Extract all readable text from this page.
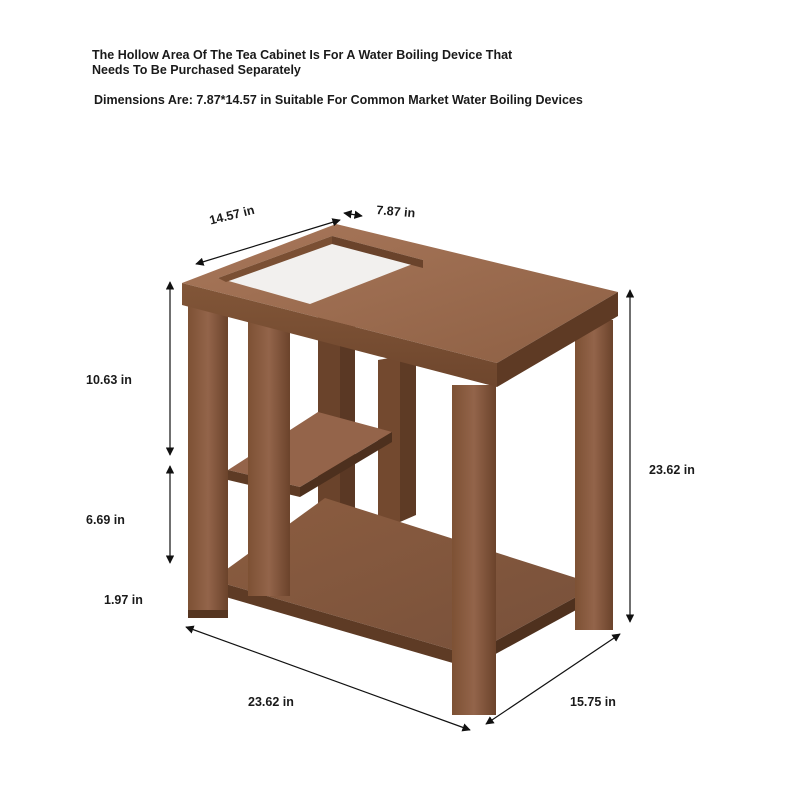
The Hollow Area Of The Tea Cabinet Is For A Water Boiling Device That Needs To Be Purchased Separately
Dimensions Are: 7.87*14.57 in Suitable For Common Market Water Boiling Devices
14.57 in	7.87 in
10.63 in
6.69 in
1.97 in
23.62 in
23.62 in	15.75 in
